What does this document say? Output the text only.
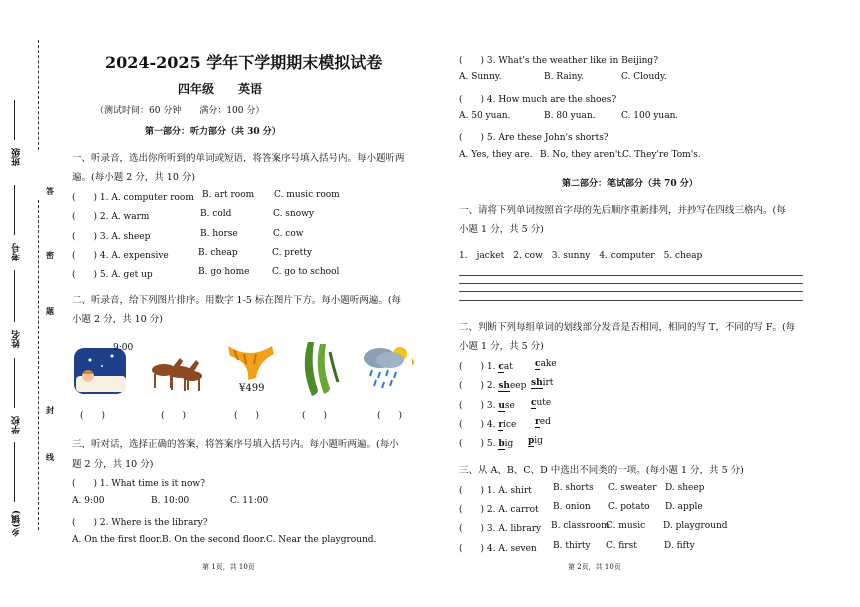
班级
考号
姓名
学校
乡(镇)
答
密
题
封
线
2024-2025 学年下学期期末模拟试卷
四年级 英语
（测试时间：60 分钟　　满分：100 分）
第一部分：听力部分（共 30 分）
一、听录音，选出你所听到的单词或短语，将答案序号填入括号内。每小题听两
遍。(每小题 2 分，共 10 分)
(　　) 1. A. computer room B. art room C. music room
(　　) 2. A. warm	B. cold	C. snowy
(　　) 3. A. sheep	B. horse	C. cow
(　　) 4. A. expensive	B. cheap	C. pretty
(　　) 5. A. get up	B. go home	C. go to school
二、听录音，给下列图片排序。用数字 1-5 标在图片下方。每小题听两遍。(每
小题 2 分，共 10 分)
9:00
¥499
(　　)	(　　)	(　　)	(　　)	(　　)
三、听对话，选择正确的答案，将答案序号填入括号内。每小题听两遍。(每小
题 2 分，共 10 分)
(　　) 1. What time is it now?
A. 9:00	B. 10:00	C. 11:00
(　　) 2. Where is the library?
A. On the first floor. B. On the second floor. C. Near the playground.
第 1页，共 10页
(　　) 3. What's the weather like in Beijing?
A. Sunny.	B. Rainy.	C. Cloudy.
(　　) 4. How much are the shoes?
A. 50 yuan.	B. 80 yuan.	C. 100 yuan.
(　　) 5. Are these John's shorts?
A. Yes, they are. B. No, they aren't.
C. They're Tom's.
第二部分：笔试部分（共 70 分）
一、请将下列单词按照首字母的先后顺序重新排列，并抄写在四线三格内。(每
小题 1 分，共 5 分)
1.　jacket　2. cow　3. sunny　4. computer　5. cheap
二、判断下列每组单词的划线部分发音是否相同，相同的写 T，不同的写 F。(每
小题 1 分，共 5 分)
(　　) 1. cat cake
(　　) 2. sheep shirt
(　　) 3. use cute
(　　) 4. rice red
(　　) 5. big pig
三、从 A、B、C、D 中选出不同类的一项。(每小题 1 分，共 5 分)
(　　) 1. A. shirt B. shorts C. sweater D. sheep
(　　) 2. A. carrot B. onion C. potato D. apple
(　　) 3. A. library B. classroom
C. music D. playground
(　　) 4. A. seven B. thirty C. first	D. fifty
第 2页，共 10页
